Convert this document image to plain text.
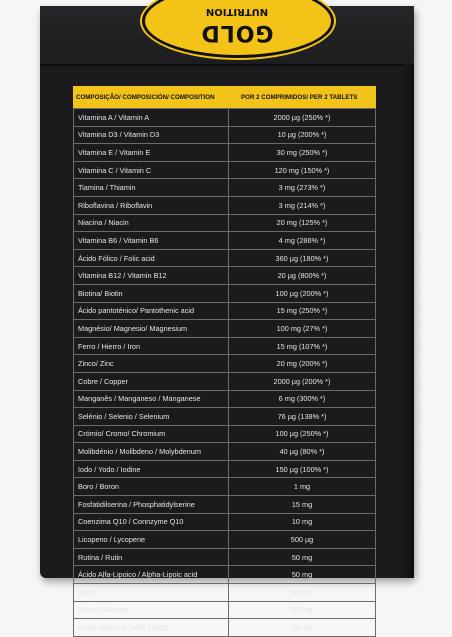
NUTRITION
GOLD
COMPOSIÇÃO/ COMPOSICIÓN/ COMPOSITION	POR 2 COMPRIMIDOS/ PER 2 TABLETS
Vitamina A / Vitamin A	2000 µg (250% *)
Vitamina D3 / Vitamin D3	10 µg (200% *)
Vitamina E / Vitamin E	30 mg (250% *)
Vitamina C / Vitamin C	120 mg (150% *)
Tiamina / Thiamin	3 mg (273% *)
Riboflavina / Riboflavin	3 mg (214% *)
Niacina / Niacin	20 mg (125% *)
Vitamina B6 / Vitamin B6	4 mg (286% *)
Ácido Fólico / Folic acid	360 µg (180% *)
Vitamina B12 / Vitamin B12	20 µg (800% *)
Biotina/ Biotin	100 µg (200% *)
Ácido pantoténico/ Pantothenic acid	15 mg (250% *)
Magnésio/ Magnesio/ Magnesium	100 mg (27% *)
Ferro / Hierro / Iron	15 mg (107% *)
Zinco/ Zinc	20 mg (200% *)
Cobre / Copper	2000 µg (200% *)
Manganês / Manganeso / Manganese	6 mg (300% *)
Selénio / Selenio / Selenium	76 µg (138% *)
Crómio/ Cromo/ Chromium	100 µg (250% *)
Molibdénio / Molibdeno / Molybdenum	40 µg (80% *)
Iodo / Yodo / Iodine	150 µg (100% *)
Boro / Boron	1 mg
Fosfatidilserina / Phosphatidylserine	15 mg
Coenzima Q10 / Connzyme Q10	10 mg
Licopeno / Lycopene	500 µg
Rutina / Rutin	50 mg
Ácido Alfa-Lipoico / Alpha-Lipoic acid	50 mg
Maca	50 mg
Panax Ginseng	50 mg
Cardo Mariano / Milk Thistle	50 mg
*VRN / NRV - Valor de referência do nutriente/ Valor de referencia del nutriente/ Nutrient reference value.
